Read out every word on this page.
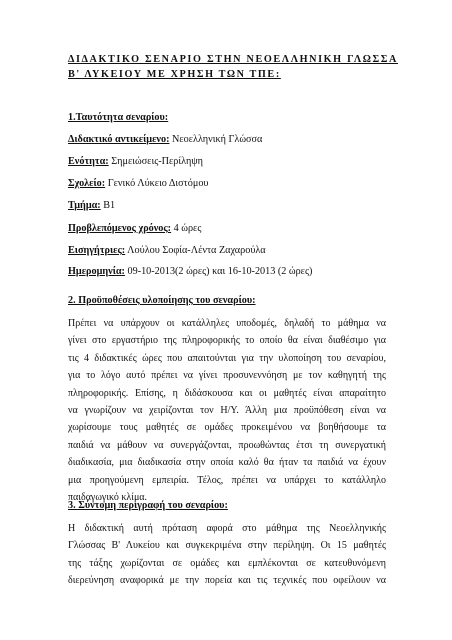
ΔΙΔΑΚΤΙΚΟ ΣΕΝΑΡΙΟ ΣΤΗΝ ΝΕΟΕΛΛΗΝΙΚΗ ΓΛΩΣΣΑ Β' ΛΥΚΕΙΟΥ ΜΕ ΧΡΗΣΗ ΤΩΝ ΤΠΕ:
1.Ταυτότητα σεναρίου:
Διδακτικό αντικείμενο: Νεοελληνική Γλώσσα
Ενότητα: Σημειώσεις-Περίληψη
Σχολείο: Γενικό Λύκειο Διστόμου
Τμήμα: Β1
Προβλεπόμενος χρόνος: 4 ώρες
Εισηγήτριες: Λούλου Σοφία-Λέντα Ζαχαρούλα
Ημερομηνία: 09-10-2013(2 ώρες) και 16-10-2013 (2 ώρες)
2. Προϋποθέσεις υλοποίησης του σεναρίου:
Πρέπει να υπάρχουν οι κατάλληλες υποδομές, δηλαδή το μάθημα να
γίνει στο εργαστήριο της πληροφορικής το οποίο θα είναι διαθέσιμο για
τις 4 διδακτικές ώρες που απαιτούνται για την υλοποίηση του σεναρίου,
για το λόγο αυτό πρέπει να γίνει προσυνεννόηση με τον καθηγητή της
πληροφορικής. Επίσης, η διδάσκουσα και οι μαθητές είναι απαραίτητο
να γνωρίζουν να χειρίζονται τον Η/Υ. Άλλη μια προϋπόθεση είναι να
χωρίσουμε τους μαθητές σε ομάδες προκειμένου να βοηθήσουμε τα
παιδιά να μάθουν να συνεργάζονται, προωθώντας έτσι τη συνεργατική
διαδικασία, μια διαδικασία στην οποία καλό θα ήταν τα παιδιά να έχουν
μια προηγούμενη εμπειρία. Τέλος, πρέπει να υπάρχει το κατάλληλο
παιδαγωγικό κλίμα.
3. Σύντομη περιγραφή του σεναρίου:
Η διδακτική αυτή πρόταση αφορά στο μάθημα της Νεοελληνικής
Γλώσσας Β' Λυκείου και συγκεκριμένα στην περίληψη. Οι 15 μαθητές
της τάξης χωρίζονται σε ομάδες και εμπλέκονται σε κατευθυνόμενη
διερεύνηση αναφορικά με την πορεία και τις τεχνικές που οφείλουν να
